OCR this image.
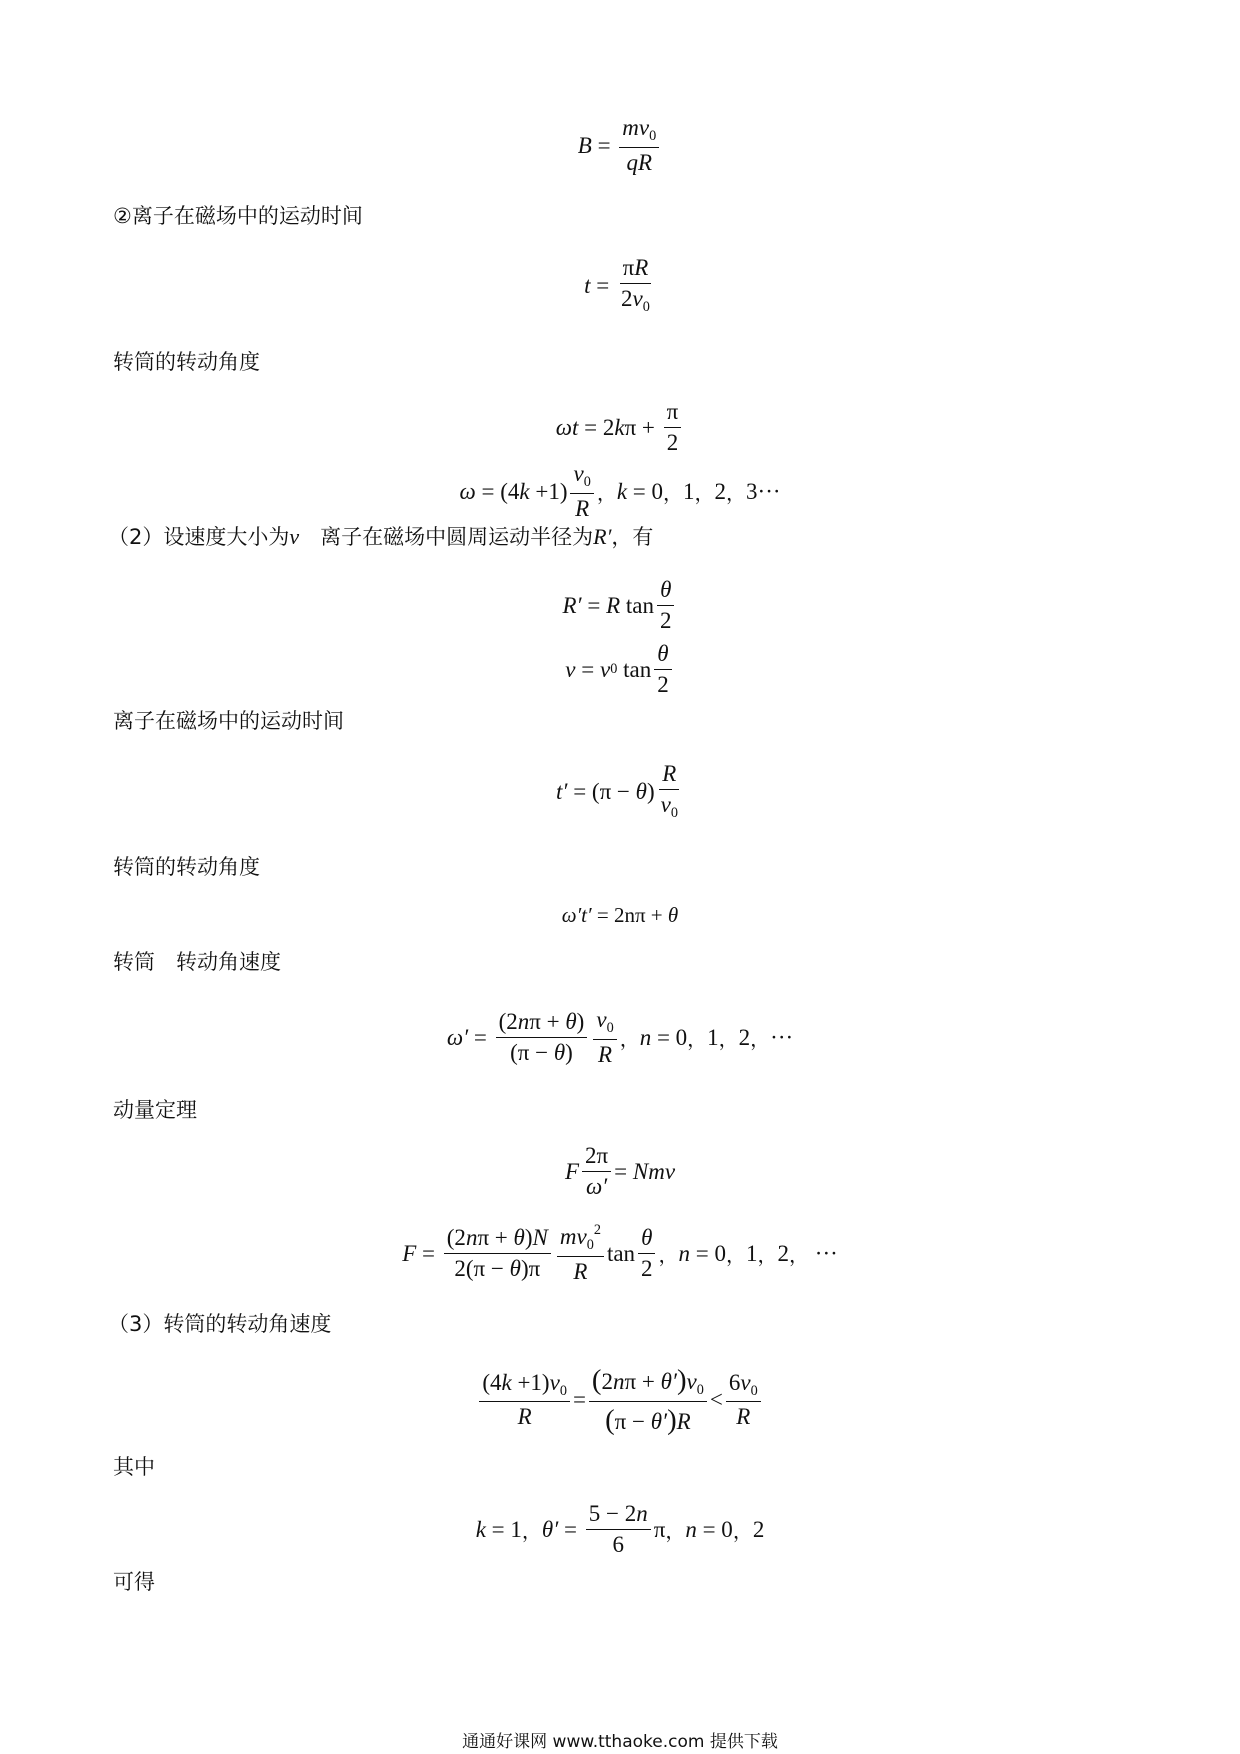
$B = \frac{mv_0}{qR}$
②离子在磁场中的运动时间
$t = \frac{\pi R}{2v_0}$
转筒的转动角度
ωt = 2 k $\pi + \frac{\pi}{2}$
ω = (4 $k +1) \frac{v_0}{R}$ ， k = 0 ， 1 ， 2 ， 3···
（2）设速度大小为v　 离子在磁场中圆周运动半径为R′，有
R′ = R $\tan \frac{\theta}{2}$
v = v 0 $\tan \frac{\theta}{2}$
离子在磁场中的运动时间
t′ = (π − θ ) $\frac{R}{v_0}$
转筒的转动角度
ω′t′ = 2nπ + θ
转筒　转动角速度
$\omega' = \frac{(2n\pi + \theta)}{(\pi - \theta)} \frac{v_0}{R}$ ， n = 0 ， 1 ， 2 ， ···
动量定理
F $\frac{2\pi}{\omega'}$ = Nmv
$F = \frac{(2n\pi + \theta)N}{2(\pi - \theta)\pi} \frac{mv_0^2}{R}$ $\tan \frac{\theta}{2}$ ， n = 0 ， 1 ， 2 ， ···
（3）转筒的转动角速度
$\frac{(4k +1)v_0}{R} = \frac{(2n\pi + \theta')v_0}{(\pi - \theta')R} < \frac{6v_0}{R}$
其中
k = 1 ， $\theta' = \frac{5 - 2n}{6}$ π ， n = 0 ， 2
可得
通通好课网 www.tthaoke.com 提供下载
